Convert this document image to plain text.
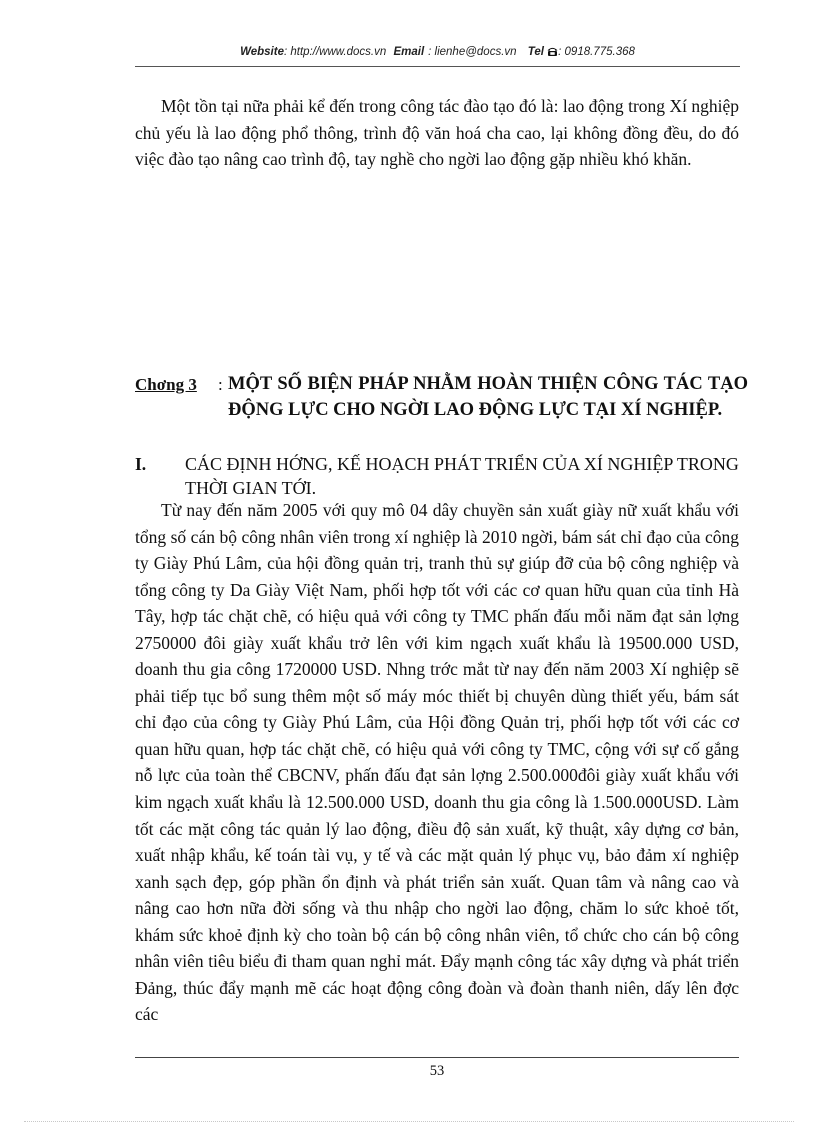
Website: http://www.docs.vn Email : lienhe@docs.vn Tel : 0918.775.368

Một tồn tại nữa phải kể đến trong công tác đào tạo đó là: lao động trong Xí nghiệp chủ yếu là lao động phổ thông, trình độ văn hoá cha cao, lại không đồng đều, do đó việc đào tạo nâng cao trình độ, tay nghề cho ngời lao động gặp nhiều khó khăn.

Chơng 3 : MỘT SỐ BIỆN PHÁP NHẰM HOÀN THIỆN CÔNG TÁC TẠO ĐỘNG LỰC CHO NGỜI LAO ĐỘNG LỰC TẠI XÍ NGHIỆP.

I. CÁC ĐỊNH HỚNG, KẾ HOẠCH PHÁT TRIỂN CỦA XÍ NGHIỆP TRONG THỜI GIAN TỚI.

Từ nay đến năm 2005 với quy mô 04 dây chuyền sản xuất giày nữ xuất khẩu với tổng số cán bộ công nhân viên trong xí nghiệp là 2010 ngời, bám sát chỉ đạo của công ty Giày Phú Lâm, của hội đồng quản trị, tranh thủ sự giúp đỡ của bộ công nghiệp và tổng công ty Da Giày Việt Nam, phối hợp tốt với các cơ quan hữu quan của tỉnh Hà Tây, hợp tác chặt chẽ, có hiệu quả với công ty TMC phấn đấu mỗi năm đạt sản lợng 2750000 đôi giày xuất khẩu trở lên với kim ngạch xuất khẩu là 19500.000 USD, doanh thu gia công 1720000 USD. Nhng trớc mắt từ nay đến năm 2003 Xí nghiệp sẽ phải tiếp tục bổ sung thêm một số máy móc thiết bị chuyên dùng thiết yếu, bám sát chỉ đạo của công ty Giày Phú Lâm, của Hội đồng Quản trị, phối hợp tốt với các cơ quan hữu quan, hợp tác chặt chẽ, có hiệu quả với công ty TMC, cộng với sự cố gắng nỗ lực của toàn thể CBCNV, phấn đấu đạt sản lợng 2.500.000đôi giày xuất khẩu với kim ngạch xuất khẩu là 12.500.000 USD, doanh thu gia công là 1.500.000USD. Làm tốt các mặt công tác quản lý lao động, điều độ sản xuất, kỹ thuật, xây dựng cơ bản, xuất nhập khẩu, kế toán tài vụ, y tế và các mặt quản lý phục vụ, bảo đảm xí nghiệp xanh sạch đẹp, góp phần ổn định và phát triển sản xuất. Quan tâm và nâng cao và nâng cao hơn nữa đời sống và thu nhập cho ngời lao động, chăm lo sức khoẻ tốt, khám sức khoẻ định kỳ cho toàn bộ cán bộ công nhân viên, tổ chức cho cán bộ công nhân viên tiêu biểu đi tham quan nghỉ mát. Đẩy mạnh công tác xây dựng và phát triển Đảng, thúc đẩy mạnh mẽ các hoạt động công đoàn và đoàn thanh niên, dấy lên đợc các

53
